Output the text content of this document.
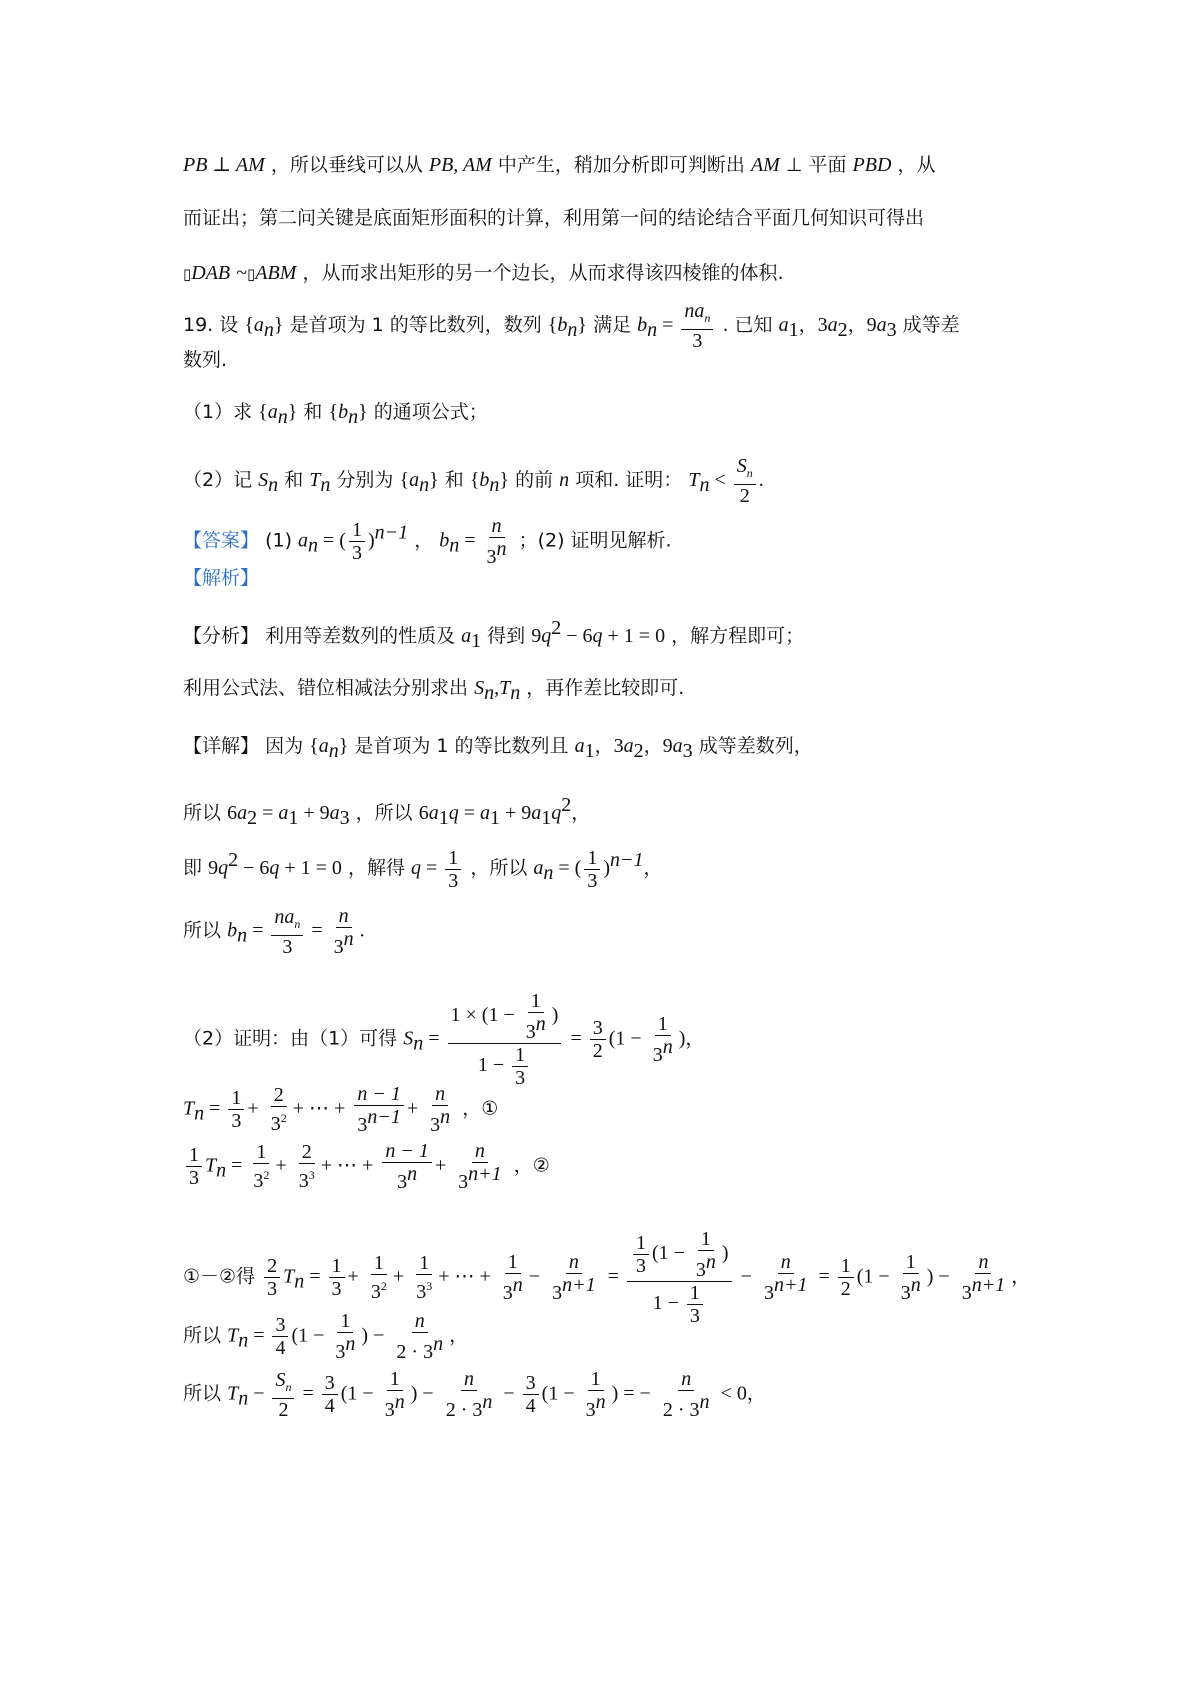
PB ⊥ AM ，所以垂线可以从 PB, AM 中产生，稍加分析即可判断出 AM ⊥ 平面 PBD ，从
而证出；第二问关键是底面矩形面积的计算，利用第一问的结论结合平面几何知识可得出
▯DAB ~▯ABM ，从而求出矩形的另一个边长，从而求得该四棱锥的体积.
19. 设 $\{a_n\}$ 是首项为 1 的等比数列，数列 $\{b_n\}$ 满足 $b_n = \frac{na_n}{3}$ . 已知 $a_1$，$3a_2$，$9a_3$ 成等差
数列.
（1）求 $\{a_n\}$ 和 $\{b_n\}$ 的通项公式；
（2）记 $S_n$ 和 $T_n$ 分别为 $\{a_n\}$ 和 $\{b_n\}$ 的前 n 项和. 证明： $T_n < \frac{S_n}{2}$ .
【答案】 (1) $a_n$ = ( $\frac{1}{3} )^{n-1}$ ， $b_n = \frac{n}{3^n}$ ；(2) 证明见解析.
【解析】
【分析】 利用等差数列的性质及 $a_1$ 得到 $9q^2 - 6q + 1 = 0$ ，解方程即可；
利用公式法、错位相减法分别求出 $S_n,T_n$ ，再作差比较即可.
【详解】 因为 $\{a_n\}$ 是首项为 1 的等比数列且 $a_1$，$3a_2$，$9a_3$ 成等差数列，
所以 $6a_2 = a_1 + 9a_3$ ，所以 $6a_1q = a_1 + 9a_1q^2$，
即 $9q^2 - 6q + 1 = 0$ ，解得 $q = \frac{1}{3}$ ，所以 $a_n$ = ( $\frac{1}{3} )^{n-1}$，
所以 $b_n = \frac{na_n}{3} = \frac{n}{3^n}$ .
（2）证明：由（1）可得 $S_n = \frac{1 \times (1 - \frac{1}{3^n} )}{1 - \frac{1}{3}} = \frac{3}{2} (1 - \frac{1}{3^n}$ )，
$T_n = \frac{1}{3} + \frac{2}{3^2}$ + ⋯ + $\frac{n - 1}{3^{n-1}} + \frac{n}{3^n}$ ，①
$\frac{1}{3} T_n = \frac{1}{3^2} + \frac{2}{3^3}$ + ⋯ + $\frac{n - 1}{3^n} + \frac{n}{3^{n+1}}$ ，②
①－②得 $\frac{2}{3} T_n = \frac{1}{3} + \frac{1}{3^2} + \frac{1}{3^3}$ + ⋯ + $\frac{1}{3^n} - \frac{n}{3^{n+1}} = \frac{\frac{1}{3} (1 - \frac{1}{3^n} )}{1 - \frac{1}{3}} - \frac{n}{3^{n+1}} = \frac{1}{2} (1 - \frac{1}{3^n}$ ) − $\frac{n}{3^{n+1}}$ ，
所以 $T_n = \frac{3}{4} (1 - \frac{1}{3^n}$ ) − $\frac{n}{2 \cdot 3^n}$ ，
所以 $T_n - \frac{S_n}{2} = \frac{3}{4} (1 - \frac{1}{3^n}$ ) − $\frac{n}{2 \cdot 3^n} - \frac{3}{4} (1 - \frac{1}{3^n}$ ) = − $\frac{n}{2 \cdot 3^n} < 0$，
